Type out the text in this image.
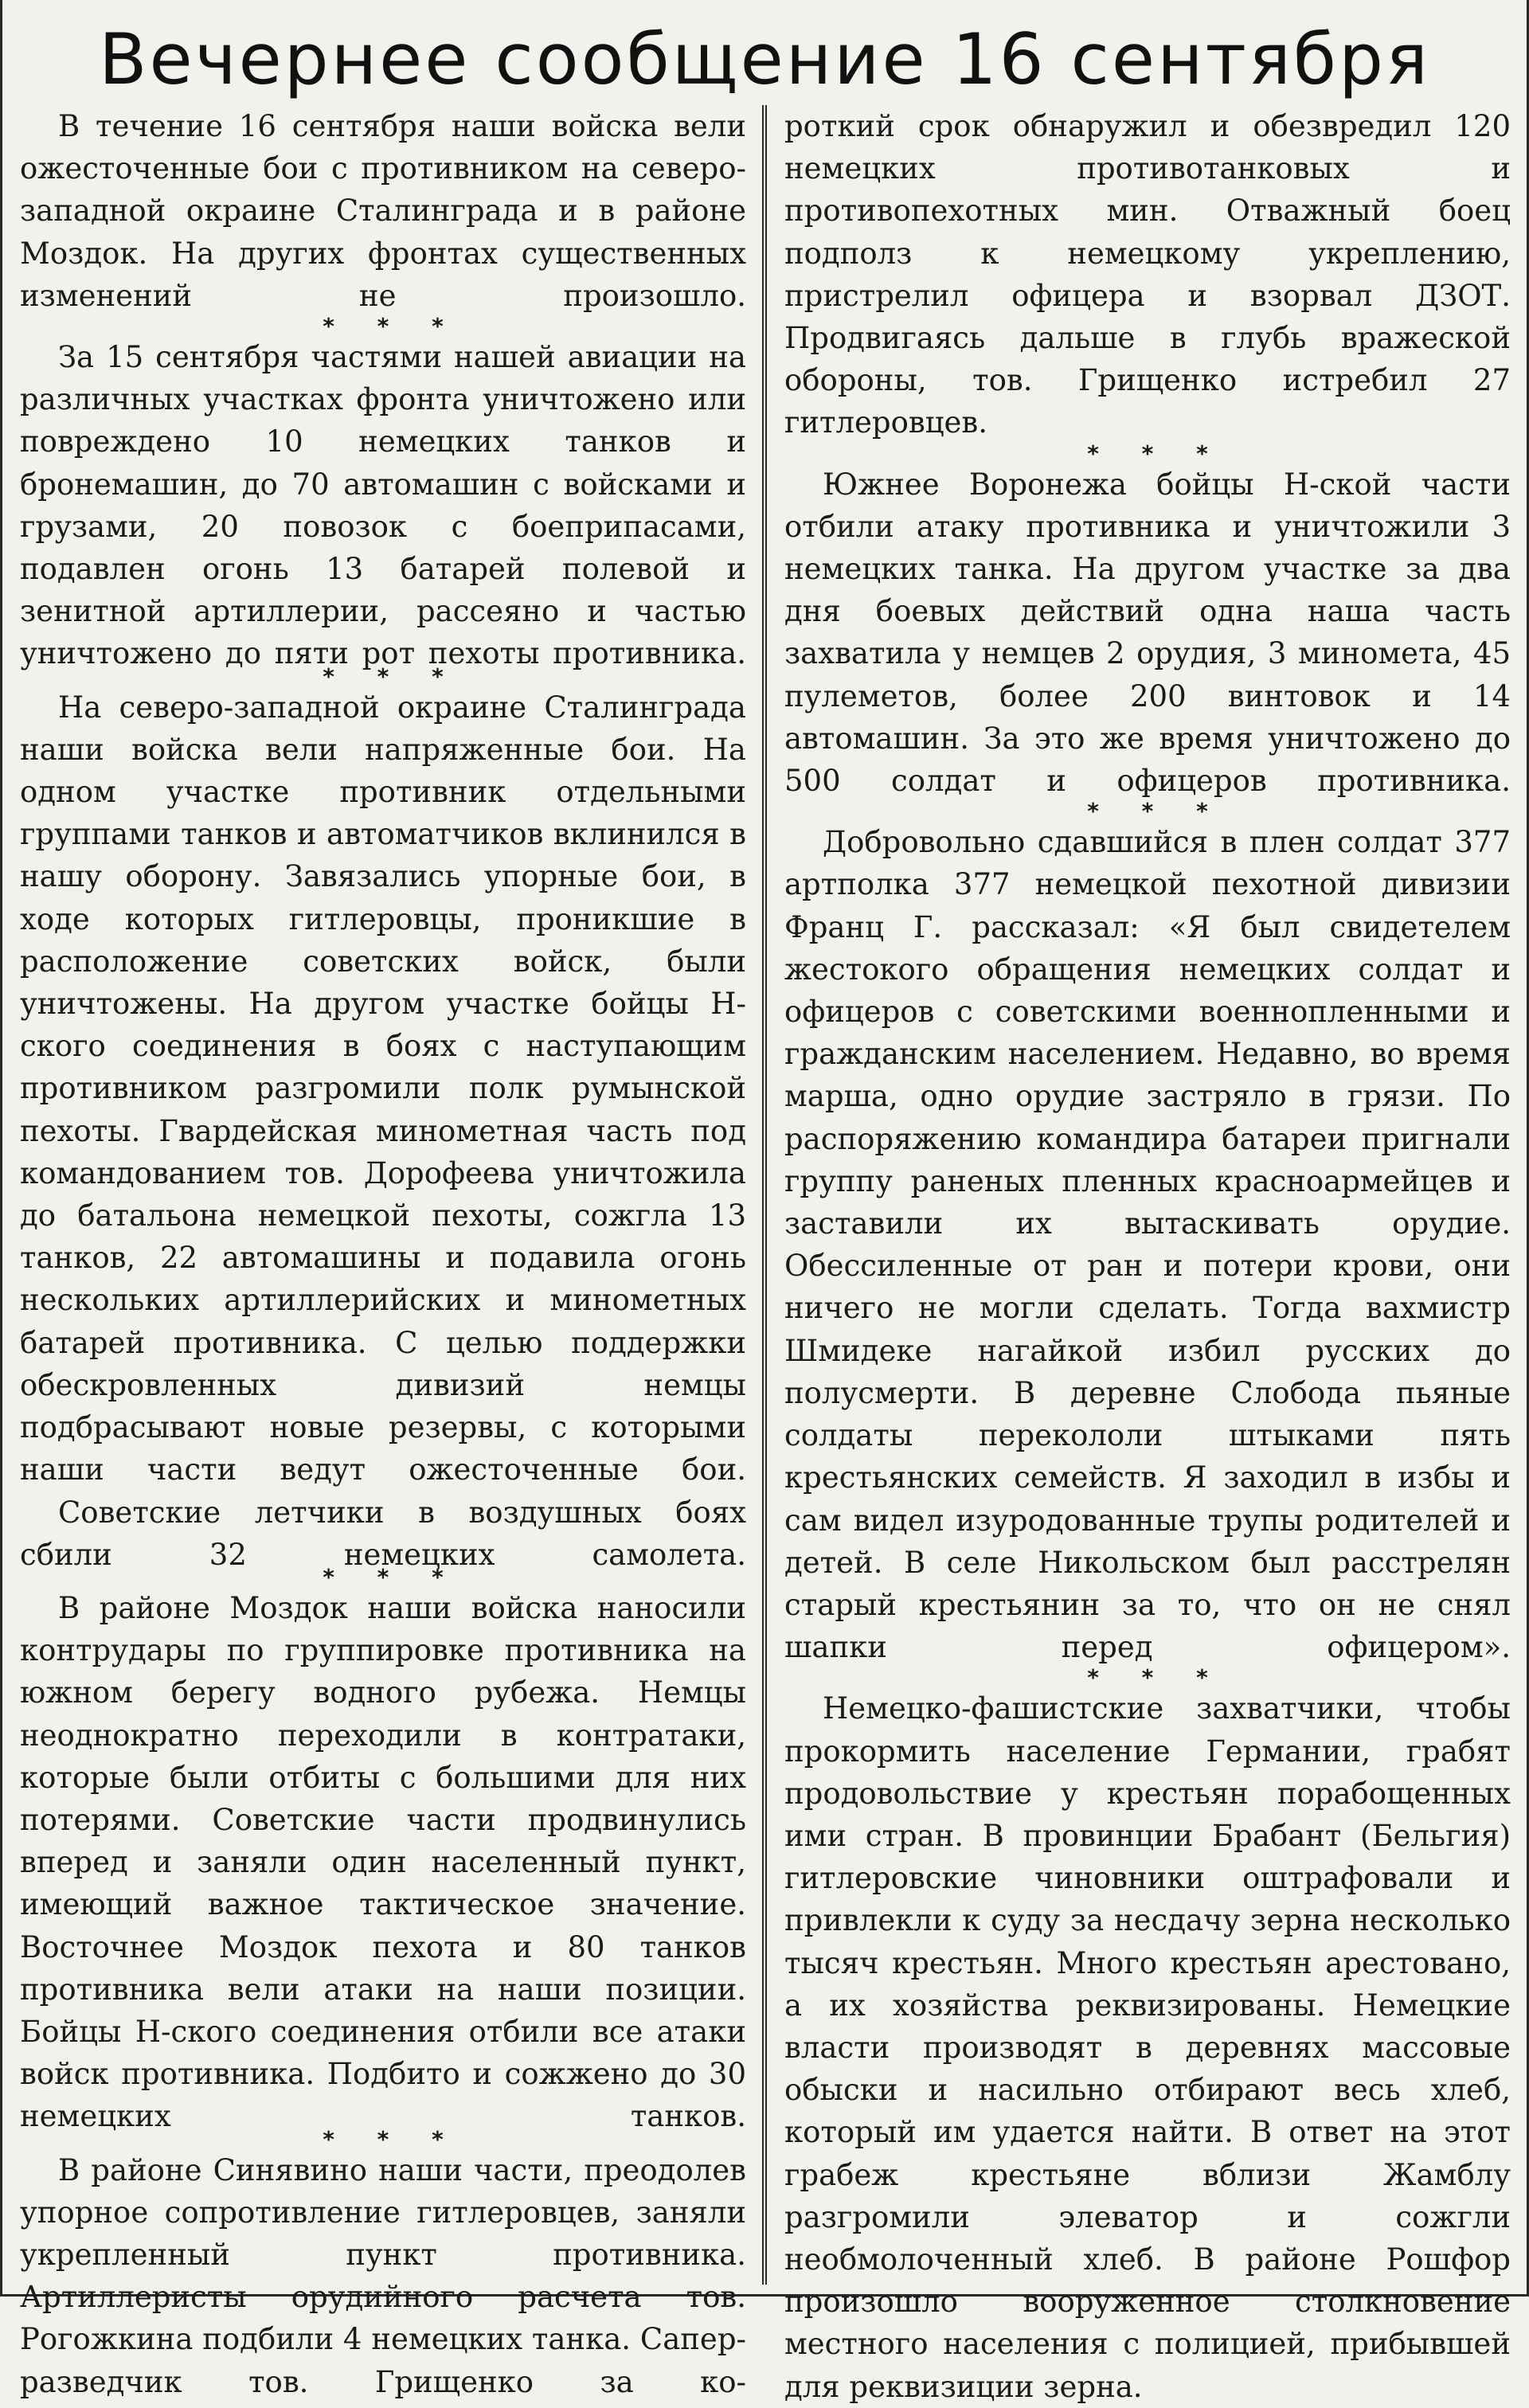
Вечернее сообщение 16 сентября

В течение 16 сентября наши войска вели ожесточенные бои с противником на северо-западной окраине Сталинграда и в районе Моздок. На других фронтах существенных изменений не произошло.

* * *

За 15 сентября частями нашей авиации на различных участках фронта уничтожено или повреждено 10 немецких танков и бронемашин, до 70 автомашин с войсками и грузами, 20 повозок с боеприпасами, подавлен огонь 13 батарей полевой и зенитной артиллерии, рассеяно и частью уничтожено до пяти рот пехоты противника.

* * *

На северо-западной окраине Сталинграда наши войска вели напряженные бои. На одном участке противник отдельными группами танков и автоматчиков вклинился в нашу оборону. Завязались упорные бои, в ходе которых гитлеровцы, проникшие в расположение советских войск, были уничтожены. На другом участке бойцы Н-ского соединения в боях с наступающим противником разгромили полк румынской пехоты. Гвардейская минометная часть под командованием тов. Дорофеева уничтожила до батальона немецкой пехоты, сожгла 13 танков, 22 автомашины и подавила огонь нескольких артиллерийских и минометных батарей противника. С целью поддержки обескровленных дивизий немцы подбрасывают новые резервы, с которыми наши части ведут ожесточенные бои.

Советские летчики в воздушных боях сбили 32 немецких самолета.

* * *

В районе Моздок наши войска наносили контрудары по группировке противника на южном берегу водного рубежа. Немцы неоднократно переходили в контратаки, которые были отбиты с большими для них потерями. Советские части продвинулись вперед и заняли один населенный пункт, имеющий важное тактическое значение. Восточнее Моздок пехота и 80 танков противника вели атаки на наши позиции. Бойцы Н-ского соединения отбили все атаки войск противника. Подбито и сожжено до 30 немецких танков.

* * *

В районе Синявино наши части, преодолев упорное сопротивление гитлеровцев, заняли укрепленный пункт противника. Артиллеристы орудийного расчета тов. Рогожкина подбили 4 немецких танка. Сапер-разведчик тов. Грищенко за ко-

роткий срок обнаружил и обезвредил 120 немецких противотанковых и противопехотных мин. Отважный боец подполз к немецкому укреплению, пристрелил офицера и взорвал ДЗОТ. Продвигаясь дальше в глубь вражеской обороны, тов. Грищенко истребил 27 гитлеровцев.

* * *

Южнее Воронежа бойцы Н-ской части отбили атаку противника и уничтожили 3 немецких танка. На другом участке за два дня боевых действий одна наша часть захватила у немцев 2 орудия, 3 миномета, 45 пулеметов, более 200 винтовок и 14 автомашин. За это же время уничтожено до 500 солдат и офицеров противника.

* * *

Добровольно сдавшийся в плен солдат 377 артполка 377 немецкой пехотной дивизии Франц Г. рассказал: «Я был свидетелем жестокого обращения немецких солдат и офицеров с советскими военнопленными и гражданским населением. Недавно, во время марша, одно орудие застряло в грязи. По распоряжению командира батареи пригнали группу раненых пленных красноармейцев и заставили их вытаскивать орудие. Обессиленные от ран и потери крови, они ничего не могли сделать. Тогда вахмистр Шмидеке нагайкой избил русских до полусмерти. В деревне Слобода пьяные солдаты перекололи штыками пять крестьянских семейств. Я заходил в избы и сам видел изуродованные трупы родителей и детей. В селе Никольском был расстрелян старый крестьянин за то, что он не снял шапки перед офицером».

* * *

Немецко-фашистские захватчики, чтобы прокормить население Германии, грабят продовольствие у крестьян порабощенных ими стран. В провинции Брабант (Бельгия) гитлеровские чиновники оштрафовали и привлекли к суду за несдачу зерна несколько тысяч крестьян. Много крестьян арестовано, а их хозяйства реквизированы. Немецкие власти производят в деревнях массовые обыски и насильно отбирают весь хлеб, который им удается найти. В ответ на этот грабеж крестьяне вблизи Жамблу разгромили элеватор и сожгли необмолоченный хлеб. В районе Рошфор произошло вооруженное столкновение местного населения с полицией, прибывшей для реквизиции зерна.
